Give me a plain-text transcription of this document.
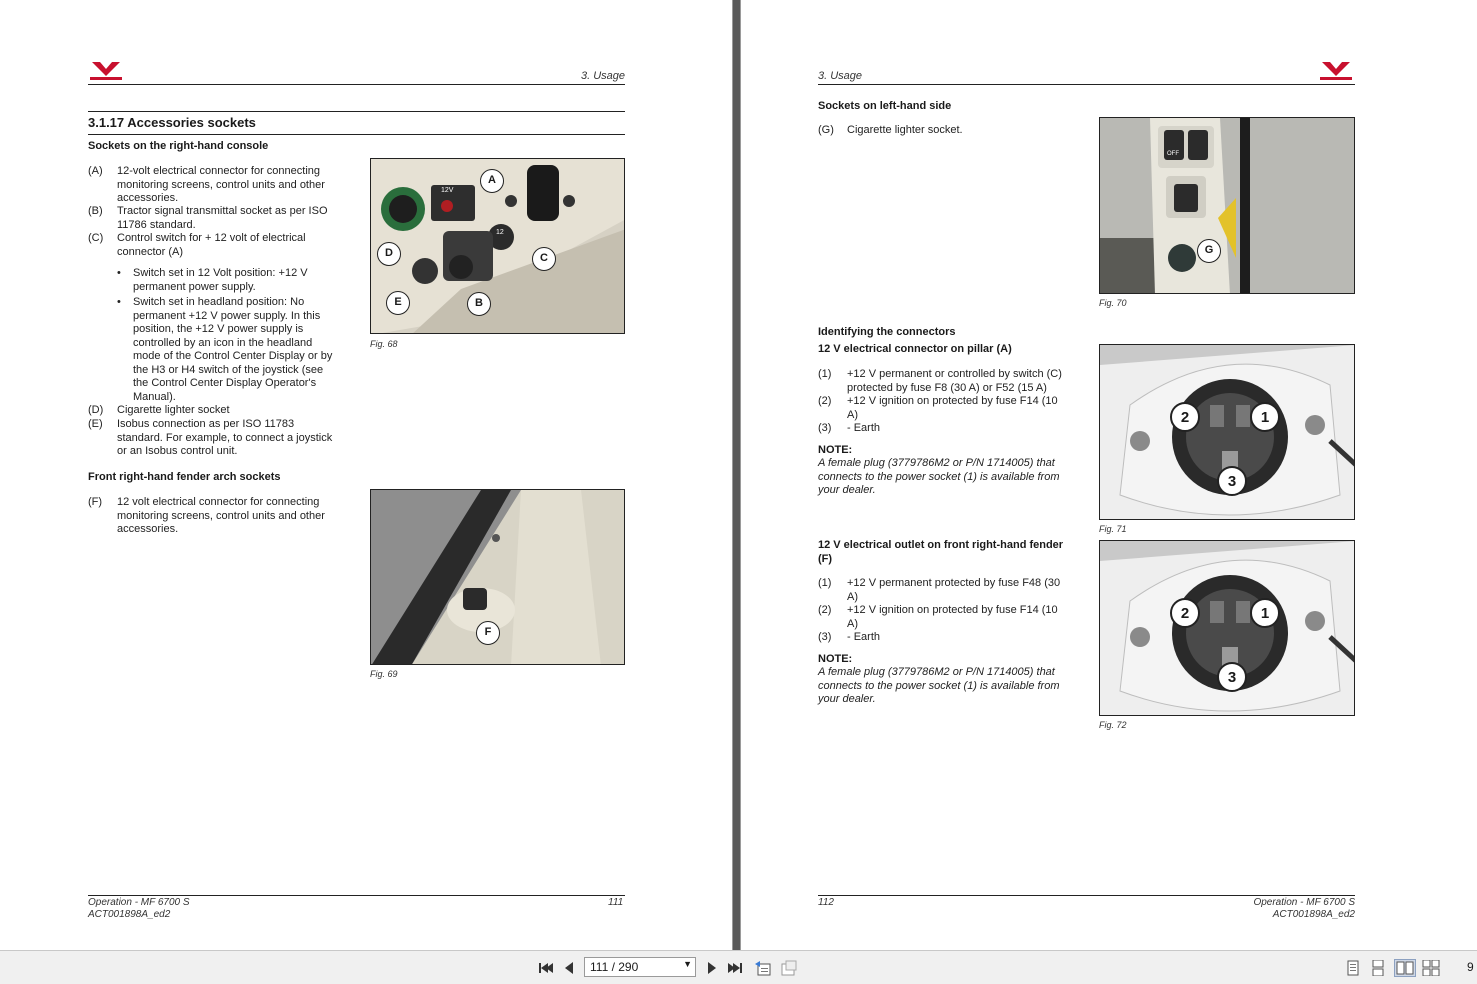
3. Usage
3.1.17 Accessories sockets
Sockets on the right-hand console
(A) 12-volt electrical connector for connecting
monitoring screens, control units and other
accessories.
(B) Tractor signal transmittal socket as per ISO
11786 standard.
(C) Control switch for + 12 volt of electrical
connector (A)
• Switch set in 12 Volt position: +12 V
permanent power supply.
• Switch set in headland position: No
permanent +12 V power supply. In this
position, the +12 V power supply is
controlled by an icon in the headland
mode of the Control Center Display or by
the H3 or H4 switch of the joystick (see
the Control Center Display Operator's
Manual).
(D) Cigarette lighter socket
(E) Isobus connection as per ISO 11783
standard. For example, to connect a joystick
or an Isobus control unit.
Front right-hand fender arch sockets
(F) 12 volt electrical connector for connecting
monitoring screens, control units and other
accessories.
12V
12
A
C
D
E	B
Fig. 68
F
Fig. 69
Operation - MF 6700 S
ACT001898A_ed2
111
3. Usage
Sockets on left-hand side
(G) Cigarette lighter socket.
OFF
G
Fig. 70
Identifying the connectors
12 V electrical connector on pillar (A)
(1) +12 V permanent or controlled by switch (C)
protected by fuse F8 (30 A) or F52 (15 A)
(2) +12 V ignition on protected by fuse F14 (10
A)
(3) - Earth
NOTE:
A female plug (3779786M2 or P/N 1714005) that
connects to the power socket (1) is available from
your dealer.
2	1
3
Fig. 71
12 V electrical outlet on front right-hand fender
(F)
(1) +12 V permanent protected by fuse F48 (30
A)
(2) +12 V ignition on protected by fuse F14 (10
A)
(3) - Earth
NOTE:
A female plug (3779786M2 or P/N 1714005) that
connects to the power socket (1) is available from
your dealer.
2	1
3
Fig. 72
112	Operation - MF 6700 S
ACT001898A_ed2
111 / 290	▼	9
